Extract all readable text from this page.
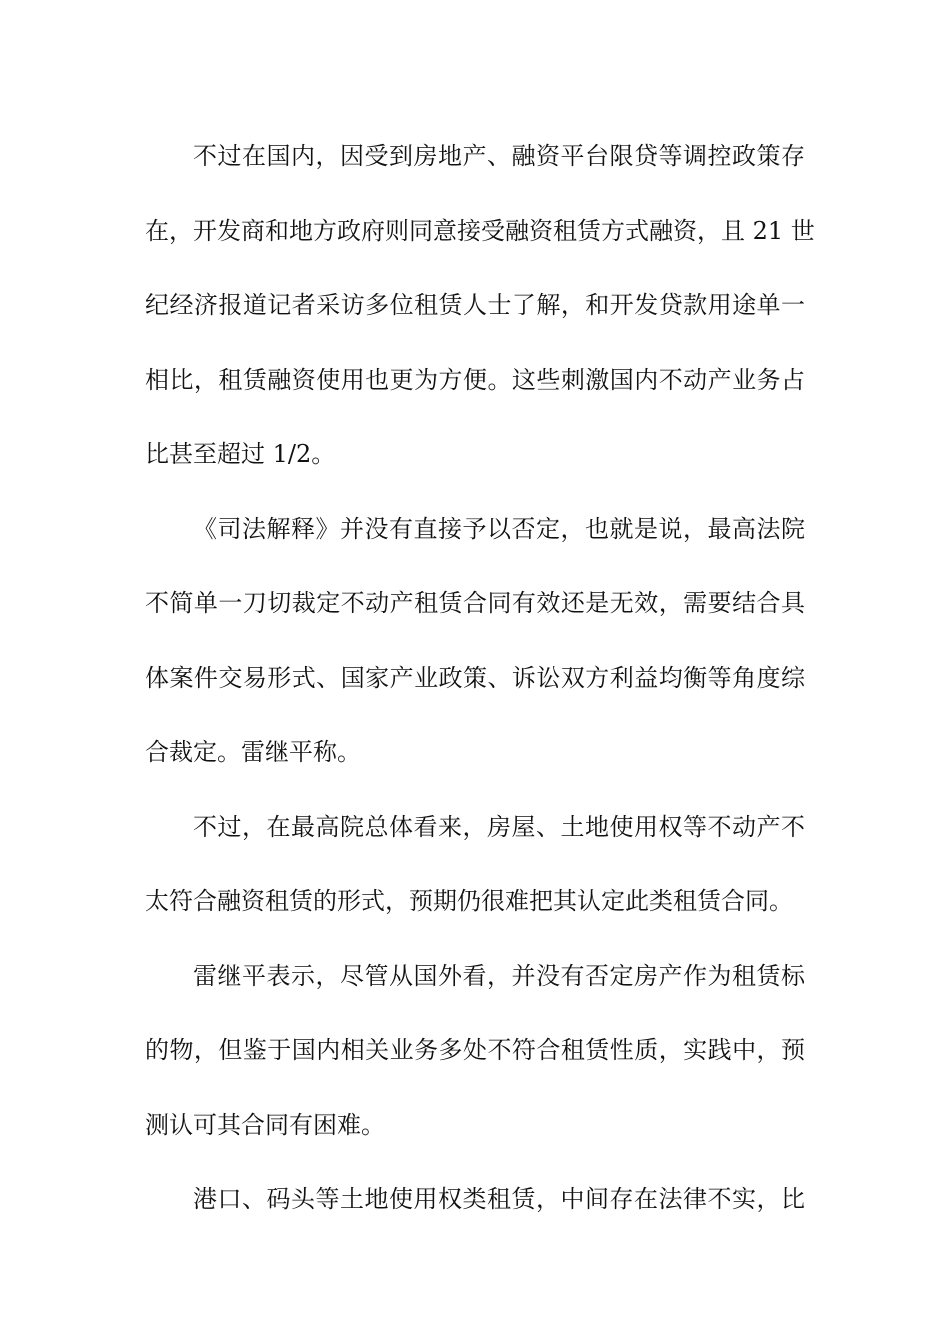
不过在国内，因受到房地产、融资平台限贷等调控政策存
在，开发商和地方政府则同意接受融资租赁方式融资，且 21 世
纪经济报道记者采访多位租赁人士了解，和开发贷款用途单一
相比，租赁融资使用也更为方便。这些刺激国内不动产业务占
比甚至超过 1/2。
《司法解释》并没有直接予以否定，也就是说，最高法院
不简单一刀切裁定不动产租赁合同有效还是无效，需要结合具
体案件交易形式、国家产业政策、诉讼双方利益均衡等角度综
合裁定。雷继平称。
不过，在最高院总体看来，房屋、土地使用权等不动产不
太符合融资租赁的形式，预期仍很难把其认定此类租赁合同。
雷继平表示，尽管从国外看，并没有否定房产作为租赁标
的物，但鉴于国内相关业务多处不符合租赁性质，实践中，预
测认可其合同有困难。
港口、码头等土地使用权类租赁，中间存在法律不实，比
